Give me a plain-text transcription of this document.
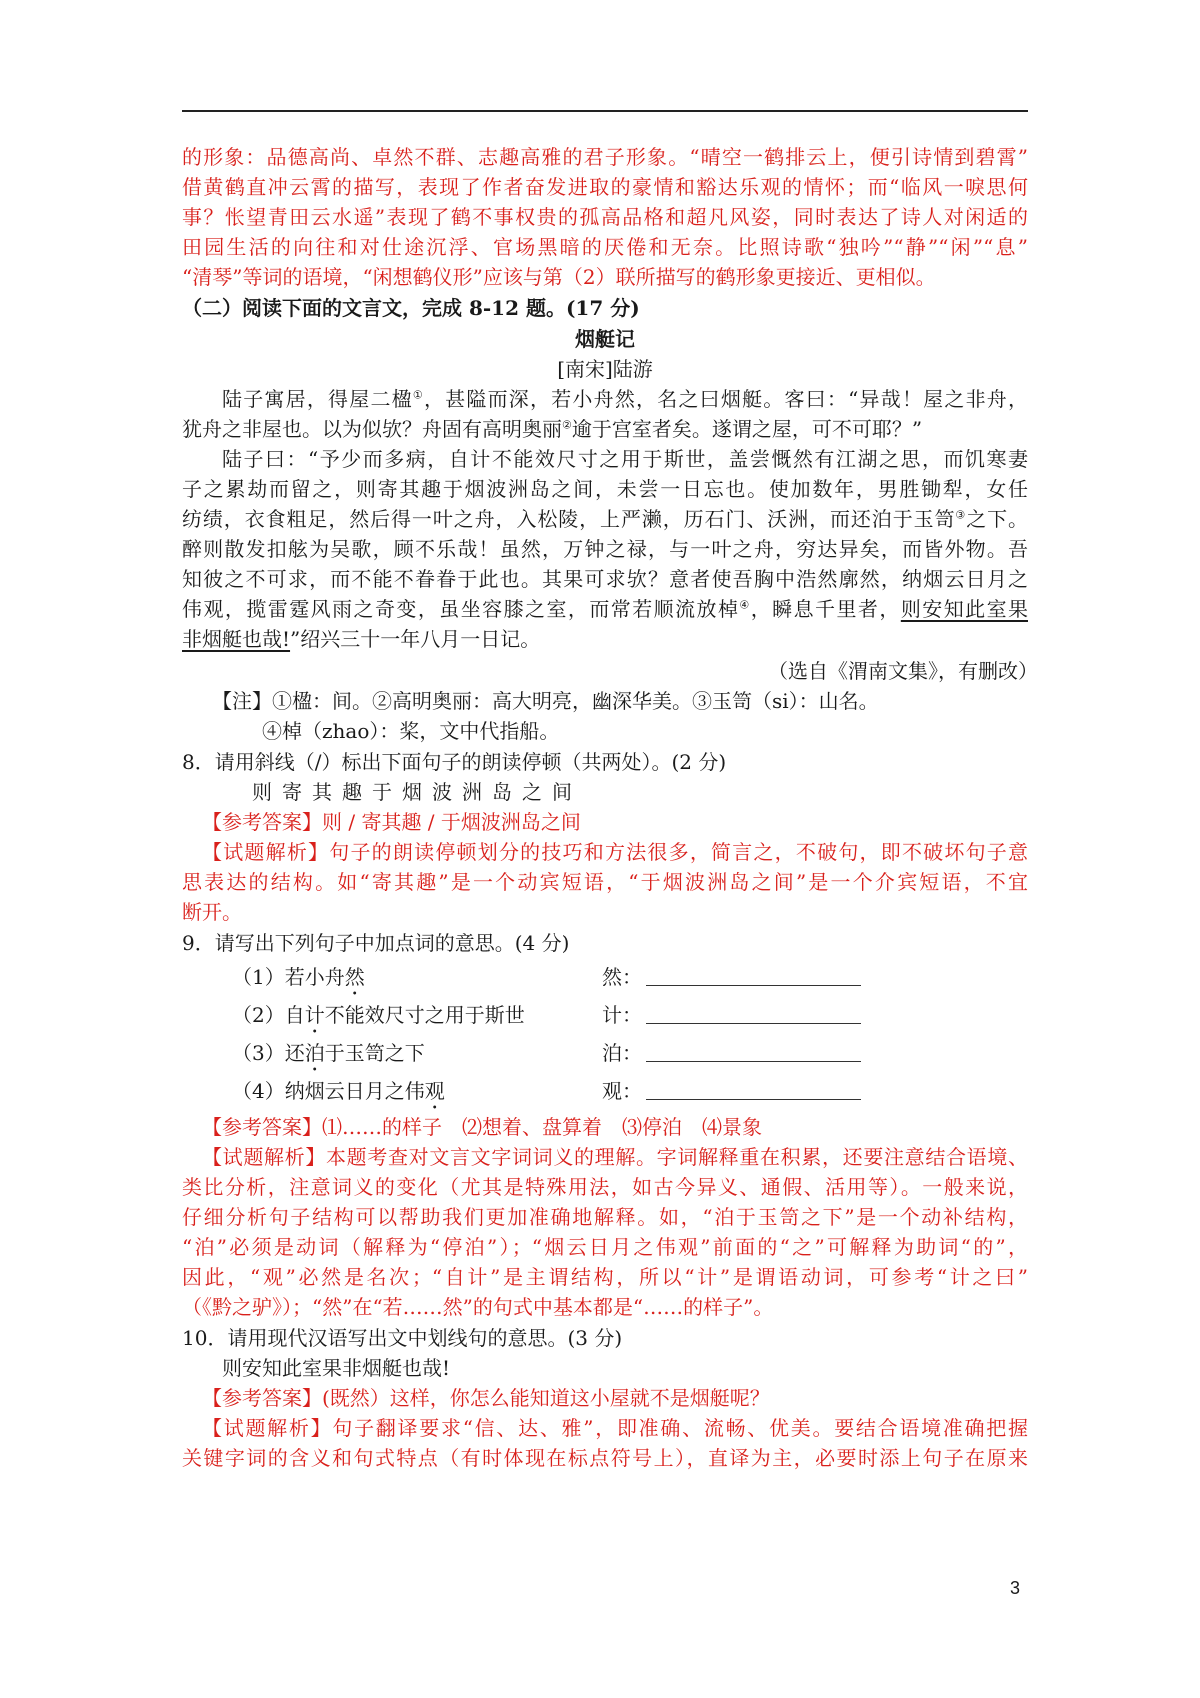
的形象：品德高尚、卓然不群、志趣高雅的君子形象。“晴空一鹤排云上，便引诗情到碧霄”
借黄鹤直冲云霄的描写，表现了作者奋发进取的豪情和豁达乐观的情怀；而“临风一唳思何
事？怅望青田云水遥”表现了鹤不事权贵的孤高品格和超凡风姿，同时表达了诗人对闲适的
田园生活的向往和对仕途沉浮、官场黑暗的厌倦和无奈。比照诗歌“独吟”“静”“闲”“息”
“清琴”等词的语境，“闲想鹤仪形”应该与第（2）联所描写的鹤形象更接近、更相似。
（二）阅读下面的文言文，完成 8-12 题。(17 分)
烟艇记
[南宋]陆游
陆子寓居，得屋二楹①，甚隘而深，若小舟然，名之曰烟艇。客曰：“异哉！屋之非舟，
犹舟之非屋也。以为似欤？舟固有高明奥丽②逾于宫室者矣。遂谓之屋，可不可耶？”
陆子曰：“予少而多病，自计不能效尺寸之用于斯世，盖尝慨然有江湖之思，而饥寒妻
子之累劫而留之，则寄其趣于烟波洲岛之间，未尝一日忘也。使加数年，男胜锄犁，女任
纺绩，衣食粗足，然后得一叶之舟，入松陵，上严濑，历石门、沃洲，而还泊于玉笥③之下。
醉则散发扣舷为吴歌，顾不乐哉！虽然，万钟之禄，与一叶之舟，穷达异矣，而皆外物。吾
知彼之不可求，而不能不眷眷于此也。其果可求欤？意者使吾胸中浩然廓然，纳烟云日月之
伟观，揽雷霆风雨之奇变，虽坐容膝之室，而常若顺流放棹④，瞬息千里者，则安知此室果
非烟艇也哉!”绍兴三十一年八月一日记。
（选自《渭南文集》，有删改）
【注】①楹：间。②高明奥丽：高大明亮，幽深华美。③玉笥（si）：山名。
④棹（zhao）：桨，文中代指船。
8．请用斜线（/）标出下面句子的朗读停顿（共两处）。(2 分)
则寄其趣于烟波洲岛之间
【参考答案】则 / 寄其趣 / 于烟波洲岛之间
【试题解析】句子的朗读停顿划分的技巧和方法很多，简言之，不破句，即不破坏句子意
思表达的结构。如“寄其趣”是一个动宾短语，“于烟波洲岛之间”是一个介宾短语，不宜
断开。
9．请写出下列句子中加点词的意思。(4 分)
（1）若小舟然	然：
（2）自计不能效尺寸之用于斯世	计：
（3）还泊于玉笥之下	泊：
（4）纳烟云日月之伟观	观：
【参考答案】⑴……的样子　⑵想着、盘算着　⑶停泊　⑷景象
【试题解析】本题考查对文言文字词词义的理解。字词解释重在积累，还要注意结合语境、
类比分析，注意词义的变化（尤其是特殊用法，如古今异义、通假、活用等）。一般来说，
仔细分析句子结构可以帮助我们更加准确地解释。如，“泊于玉笥之下”是一个动补结构，
“泊”必须是动词（解释为“停泊”）；“烟云日月之伟观”前面的“之”可解释为助词“的”，
因此，“观”必然是名次；“自计”是主谓结构，所以“计”是谓语动词，可参考“计之曰”
（《黔之驴》）；“然”在“若……然”的句式中基本都是“……的样子”。
10．请用现代汉语写出文中划线句的意思。(3 分)
则安知此室果非烟艇也哉!
【参考答案】(既然）这样，你怎么能知道这小屋就不是烟艇呢？
【试题解析】句子翻译要求“信、达、雅”，即准确、流畅、优美。要结合语境准确把握
关键字词的含义和句式特点（有时体现在标点符号上），直译为主，必要时添上句子在原来
3
